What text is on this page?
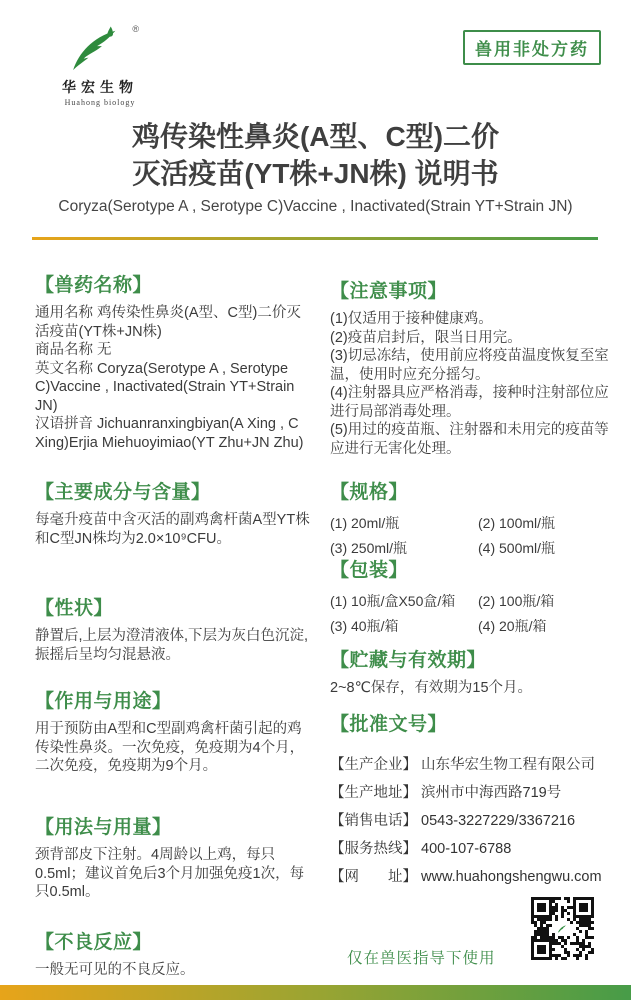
®
华宏生物
Huahong biology
兽用非处方药
鸡传染性鼻炎(A型、C型)二价
灭活疫苗(YT株+JN株) 说明书
Coryza(Serotype A , Serotype C)Vaccine , Inactivated(Strain YT+Strain JN)
【兽药名称】

通用名称 鸡传染性鼻炎(A型、C型)二价灭活疫苗(YT株+JN株)

商品名称 无

英文名称 Coryza(Serotype A , Serotype C)Vaccine , Inactivated(Strain YT+Strain JN)

汉语拼音 Jichuanranxingbiyan(A Xing , C Xing)Erjia Miehuoyimiao(YT Zhu+JN Zhu)

【主要成分与含量】

每毫升疫苗中含灭活的副鸡禽杆菌A型YT株和C型JN株均为2.0×10⁹CFU。

【性状】

静置后,上层为澄清液体,下层为灰白色沉淀,振摇后呈均匀混悬液。

【作用与用途】

用于预防由A型和C型副鸡禽杆菌引起的鸡传染性鼻炎。一次免疫，免疫期为4个月，二次免疫，免疫期为9个月。

【用法与用量】

颈背部皮下注射。4周龄以上鸡，每只0.5ml；建议首免后3个月加强免疫1次，每只0.5ml。

【不良反应】

一般无可见的不良反应。

【注意事项】

(1)仅适用于接种健康鸡。

(2)疫苗启封后，限当日用完。

(3)切忌冻结，使用前应将疫苗温度恢复至室温，使用时应充分摇匀。

(4)注射器具应严格消毒，接种时注射部位应进行局部消毒处理。

(5)用过的疫苗瓶、注射器和未用完的疫苗等应进行无害化处理。

【规格】
(1) 20ml/瓶	(2) 100ml/瓶
(3) 250ml/瓶	(4) 500ml/瓶
【包装】
(1) 10瓶/盒X50盒/箱	(2) 100瓶/箱
(3) 40瓶/箱	(4) 20瓶/箱
【贮藏与有效期】

2~8℃保存，有效期为15个月。

【批准文号】
【生产企业】 山东华宏生物工程有限公司
【生产地址】 滨州市中海西路719号
【销售电话】 0543-3227229/3367216
【服务热线】 400-107-6788
【网　　址】 www.huahongshengwu.com
仅在兽医指导下使用
